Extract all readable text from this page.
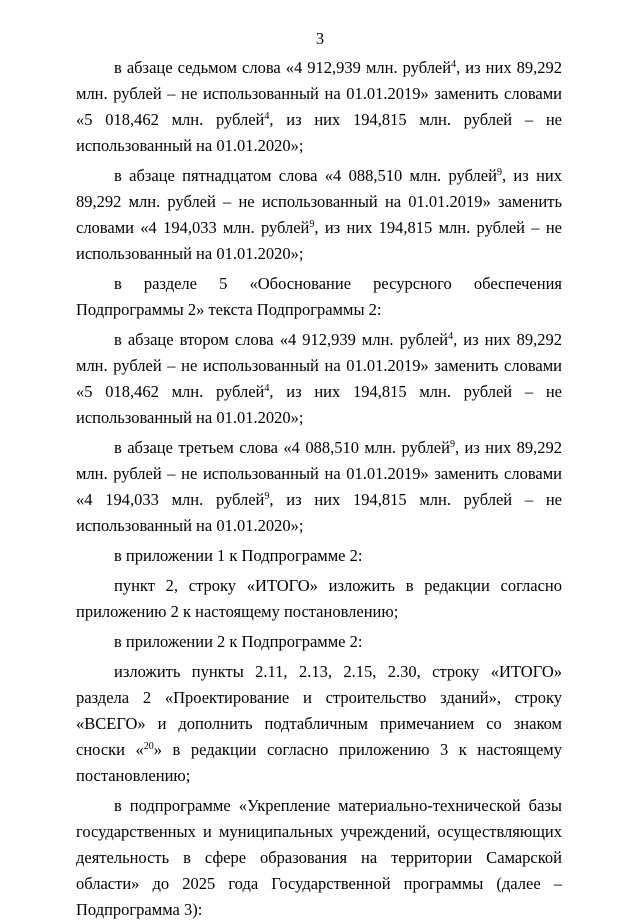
3

в абзаце седьмом слова «4 912,939 млн. рублей$^4$, из них 89,292 млн. рублей – не использованный на 01.01.2019» заменить словами «5 018,462 млн. рублей$^4$, из них 194,815 млн. рублей – не использованный на 01.01.2020»;

в абзаце пятнадцатом слова «4 088,510 млн. рублей$^9$, из них 89,292 млн. рублей – не использованный на 01.01.2019» заменить словами «4 194,033 млн. рублей$^9$, из них 194,815 млн. рублей – не использованный на 01.01.2020»;

в разделе 5 «Обоснование ресурсного обеспечения Подпрограммы 2» текста Подпрограммы 2:

в абзаце втором слова «4 912,939 млн. рублей$^4$, из них 89,292 млн. рублей – не использованный на 01.01.2019» заменить словами «5 018,462 млн. рублей$^4$, из них 194,815 млн. рублей – не использованный на 01.01.2020»;

в абзаце третьем слова «4 088,510 млн. рублей$^9$, из них 89,292 млн. рублей – не использованный на 01.01.2019» заменить словами «4 194,033 млн. рублей$^9$, из них 194,815 млн. рублей – не использованный на 01.01.2020»;

в приложении 1 к Подпрограмме 2:

пункт 2, строку «ИТОГО» изложить в редакции согласно приложению 2 к настоящему постановлению;

в приложении 2 к Подпрограмме 2:

изложить пункты 2.11, 2.13, 2.15, 2.30, строку «ИТОГО» раздела 2 «Проектирование и строительство зданий», строку «ВСЕГО» и дополнить подтабличным примечанием со знаком сноски «$^{20}$» в редакции согласно приложению 3 к настоящему постановлению;

в подпрограмме «Укрепление материально-технической базы государственных и муниципальных учреждений, осуществляющих деятельность в сфере образования на территории Самарской области» до 2025 года Государственной программы (далее – Подпрограмма 3):
